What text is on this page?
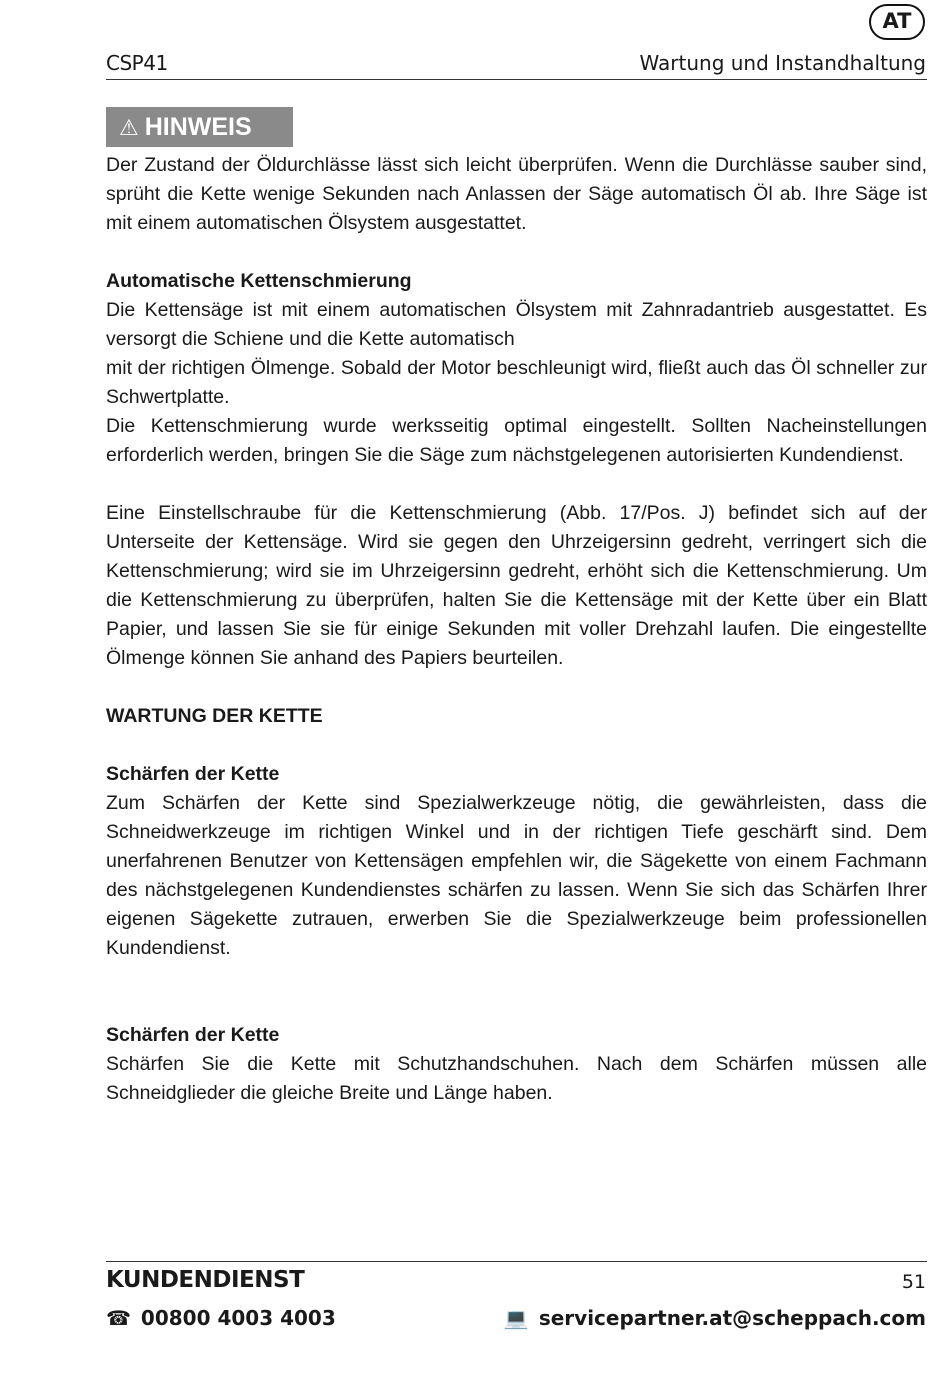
AT
CSP41	Wartung und Instandhaltung
⚠ HINWEIS

Der Zustand der Öldurchlässe lässt sich leicht überprüfen. Wenn die Durchlässe sauber sind, sprüht die Kette wenige Sekunden nach Anlassen der Säge automatisch Öl ab. Ihre Säge ist mit einem automatischen Ölsystem ausgestattet.

Automatische Kettenschmierung

Die Kettensäge ist mit einem automatischen Ölsystem mit Zahnradantrieb ausgestattet. Es versorgt die Schiene und die Kette automatisch

mit der richtigen Ölmenge. Sobald der Motor beschleunigt wird, fließt auch das Öl schneller zur Schwertplatte.

Die Kettenschmierung wurde werksseitig optimal eingestellt. Sollten Nacheinstellungen erforderlich werden, bringen Sie die Säge zum nächstgelegenen autorisierten Kundendienst.

Eine Einstellschraube für die Kettenschmierung (Abb. 17/Pos. J) befindet sich auf der Unterseite der Kettensäge. Wird sie gegen den Uhrzeigersinn gedreht, verringert sich die Kettenschmierung; wird sie im Uhrzeigersinn gedreht, erhöht sich die Kettenschmierung. Um die Kettenschmierung zu überprüfen, halten Sie die Kettensäge mit der Kette über ein Blatt Papier, und lassen Sie sie für einige Sekunden mit voller Drehzahl laufen. Die eingestellte Ölmenge können Sie anhand des Papiers beurteilen.

WARTUNG DER KETTE
Schärfen der Kette

Zum Schärfen der Kette sind Spezialwerkzeuge nötig, die gewährleisten, dass die Schneidwerkzeuge im richtigen Winkel und in der richtigen Tiefe geschärft sind. Dem unerfahrenen Benutzer von Kettensägen empfehlen wir, die Sägekette von einem Fachmann des nächstgelegenen Kundendienstes schärfen zu lassen. Wenn Sie sich das Schärfen Ihrer eigenen Sägekette zutrauen, erwerben Sie die Spezialwerkzeuge beim professionellen Kundendienst.

Schärfen der Kette

Schärfen Sie die Kette mit Schutzhandschuhen. Nach dem Schärfen müssen alle Schneidglieder die gleiche Breite und Länge haben.

KUNDENDIENST	51
☎ 00800 4003 4003	💻 servicepartner.at@scheppach.com
